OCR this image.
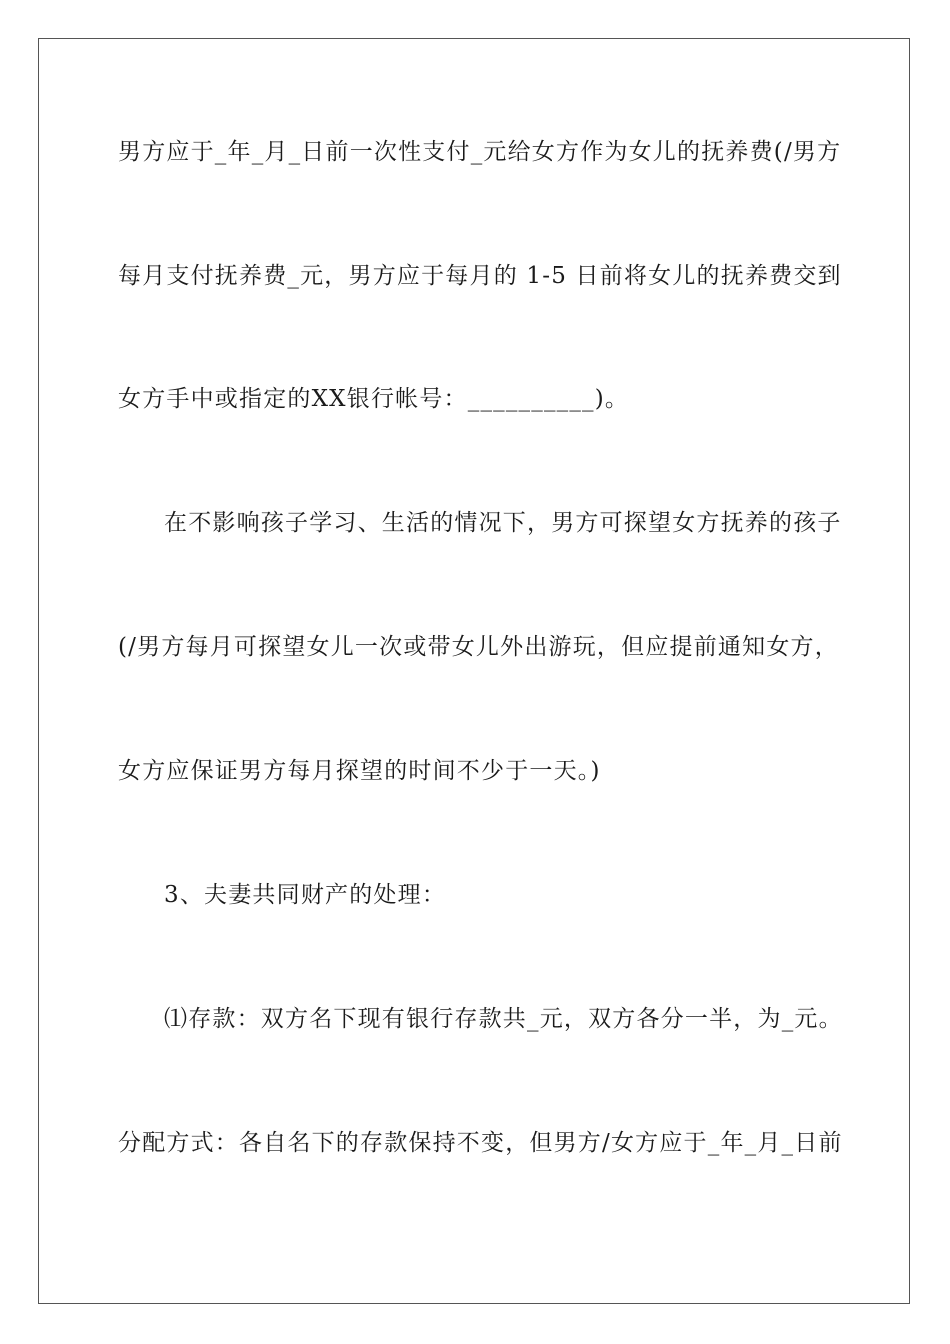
男方应于_年_月_日前一次性支付_元给女方作为女儿的抚养费(/男方
每月支付抚养费_元，男方应于每月的 1-5 日前将女儿的抚养费交到
女方手中或指定的XX银行帐号：__________)。
在不影响孩子学习、生活的情况下，男方可探望女方抚养的孩子
(/男方每月可探望女儿一次或带女儿外出游玩，但应提前通知女方，
女方应保证男方每月探望的时间不少于一天。)
3、夫妻共同财产的处理：
⑴存款：双方名下现有银行存款共_元，双方各分一半，为_元。
分配方式：各自名下的存款保持不变，但男方/女方应于_年_月_日前
